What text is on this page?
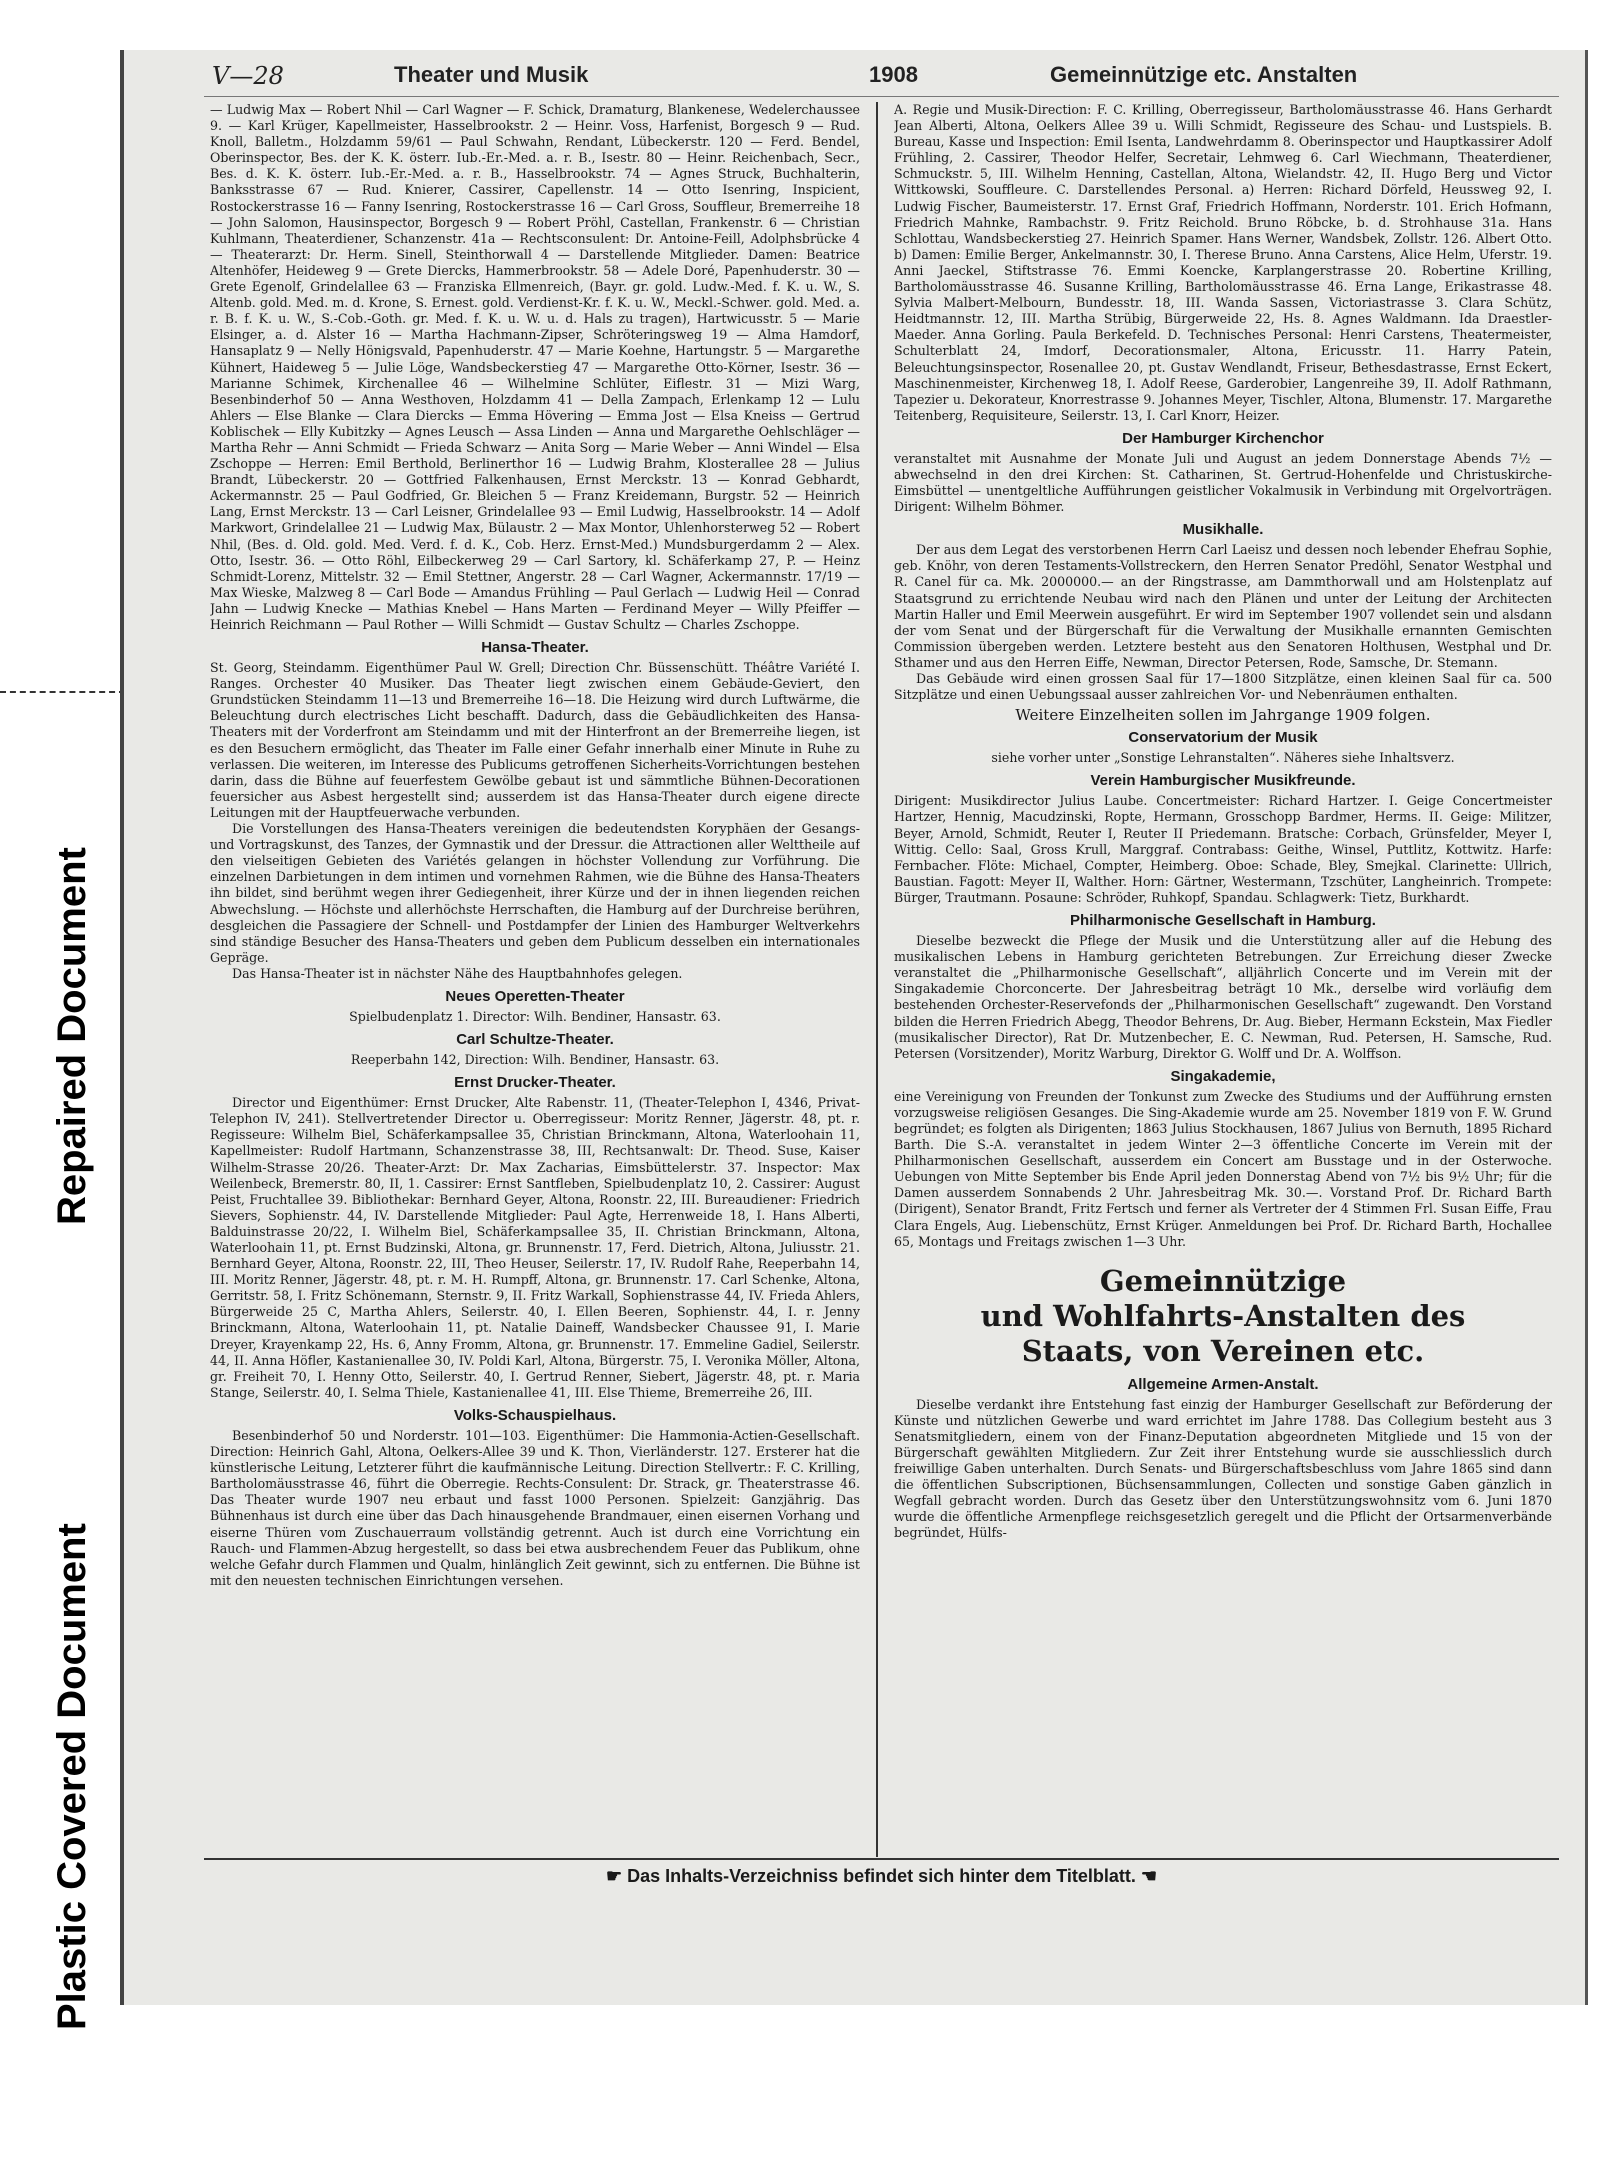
Repaired Document
Plastic Covered Document
V—28	Theater und Musik	1908	Gemeinnützige etc. Anstalten

— Ludwig Max — Robert Nhil — Carl Wagner — F. Schick, Dramaturg, Blankenese, Wedelerchaussee 9. — Karl Krüger, Kapellmeister, Hasselbrookstr. 2 — Heinr. Voss, Harfenist, Borgesch 9 — Rud. Knoll, Balletm., Holzdamm 59/61 — Paul Schwahn, Rendant, Lübeckerstr. 120 — Ferd. Bendel, Oberinspector, Bes. der K. K. österr. Iub.-Er.-Med. a. r. B., Isestr. 80 — Heinr. Reichenbach, Secr., Bes. d. K. K. österr. Iub.-Er.-Med. a. r. B., Hasselbrookstr. 74 — Agnes Struck, Buchhalterin, Banksstrasse 67 — Rud. Knierer, Cassirer, Capellenstr. 14 — Otto Isenring, Inspicient, Rostockerstrasse 16 — Fanny Isenring, Rostockerstrasse 16 — Carl Gross, Souffleur, Bremerreihe 18 — John Salomon, Hausinspector, Borgesch 9 — Robert Pröhl, Castellan, Frankenstr. 6 — Christian Kuhlmann, Theaterdiener, Schanzenstr. 41a — Rechtsconsulent: Dr. Antoine-Feill, Adolphsbrücke 4 — Theaterarzt: Dr. Herm. Sinell, Steinthorwall 4 — Darstellende Mitglieder. Damen: Beatrice Altenhöfer, Heideweg 9 — Grete Diercks, Hammerbrookstr. 58 — Adele Doré, Papenhuderstr. 30 — Grete Egenolf, Grindelallee 63 — Franziska Ellmenreich, (Bayr. gr. gold. Ludw.-Med. f. K. u. W., S. Altenb. gold. Med. m. d. Krone, S. Ernest. gold. Verdienst-Kr. f. K. u. W., Meckl.-Schwer. gold. Med. a. r. B. f. K. u. W., S.-Cob.-Goth. gr. Med. f. K. u. W. u. d. Hals zu tragen), Hartwicusstr. 5 — Marie Elsinger, a. d. Alster 16 — Martha Hachmann-Zipser, Schröteringsweg 19 — Alma Hamdorf, Hansaplatz 9 — Nelly Hönigsvald, Papenhuderstr. 47 — Marie Koehne, Hartungstr. 5 — Margarethe Kühnert, Haideweg 5 — Julie Löge, Wandsbeckerstieg 47 — Margarethe Otto-Körner, Isestr. 36 — Marianne Schimek, Kirchenallee 46 — Wilhelmine Schlüter, Eiflestr. 31 — Mizi Warg, Besenbinderhof 50 — Anna Westhoven, Holzdamm 41 — Della Zampach, Erlenkamp 12 — Lulu Ahlers — Else Blanke — Clara Diercks — Emma Hövering — Emma Jost — Elsa Kneiss — Gertrud Koblischek — Elly Kubitzky — Agnes Leusch — Assa Linden — Anna und Margarethe Oehlschläger — Martha Rehr — Anni Schmidt — Frieda Schwarz — Anita Sorg — Marie Weber — Anni Windel — Elsa Zschoppe — Herren: Emil Berthold, Berlinerthor 16 — Ludwig Brahm, Klosterallee 28 — Julius Brandt, Lübeckerstr. 20 — Gottfried Falkenhausen, Ernst Merckstr. 13 — Konrad Gebhardt, Ackermannstr. 25 — Paul Godfried, Gr. Bleichen 5 — Franz Kreidemann, Burgstr. 52 — Heinrich Lang, Ernst Merckstr. 13 — Carl Leisner, Grindelallee 93 — Emil Ludwig, Hasselbrookstr. 14 — Adolf Markwort, Grindelallee 21 — Ludwig Max, Bülaustr. 2 — Max Montor, Uhlenhorsterweg 52 — Robert Nhil, (Bes. d. Old. gold. Med. Verd. f. d. K., Cob. Herz. Ernst-Med.) Mundsburgerdamm 2 — Alex. Otto, Isestr. 36. — Otto Röhl, Eilbeckerweg 29 — Carl Sartory, kl. Schäferkamp 27, P. — Heinz Schmidt-Lorenz, Mittelstr. 32 — Emil Stettner, Angerstr. 28 — Carl Wagner, Ackermannstr. 17/19 — Max Wieske, Malzweg 8 — Carl Bode — Amandus Frühling — Paul Gerlach — Ludwig Heil — Conrad Jahn — Ludwig Knecke — Mathias Knebel — Hans Marten — Ferdinand Meyer — Willy Pfeiffer — Heinrich Reichmann — Paul Rother — Willi Schmidt — Gustav Schultz — Charles Zschoppe.

Hansa-Theater.

St. Georg, Steindamm. Eigenthümer Paul W. Grell; Direction Chr. Büssenschütt. Théâtre Variété I. Ranges. Orchester 40 Musiker. Das Theater liegt zwischen einem Gebäude-Geviert, den Grundstücken Steindamm 11—13 und Bremerreihe 16—18. Die Heizung wird durch Luftwärme, die Beleuchtung durch electrisches Licht beschafft. Dadurch, dass die Gebäudlichkeiten des Hansa-Theaters mit der Vorderfront am Steindamm und mit der Hinterfront an der Bremerreihe liegen, ist es den Besuchern ermöglicht, das Theater im Falle einer Gefahr innerhalb einer Minute in Ruhe zu verlassen. Die weiteren, im Interesse des Publicums getroffenen Sicherheits-Vorrichtungen bestehen darin, dass die Bühne auf feuerfestem Gewölbe gebaut ist und sämmtliche Bühnen-Decorationen feuersicher aus Asbest hergestellt sind; ausserdem ist das Hansa-Theater durch eigene directe Leitungen mit der Hauptfeuerwache verbunden.

Die Vorstellungen des Hansa-Theaters vereinigen die bedeutendsten Koryphäen der Gesangs- und Vortragskunst, des Tanzes, der Gymnastik und der Dressur. die Attractionen aller Welttheile auf den vielseitigen Gebieten des Variétés gelangen in höchster Vollendung zur Vorführung. Die einzelnen Darbietungen in dem intimen und vornehmen Rahmen, wie die Bühne des Hansa-Theaters ihn bildet, sind berühmt wegen ihrer Gediegenheit, ihrer Kürze und der in ihnen liegenden reichen Abwechslung. — Höchste und allerhöchste Herrschaften, die Hamburg auf der Durchreise berühren, desgleichen die Passagiere der Schnell- und Postdampfer der Linien des Hamburger Weltverkehrs sind ständige Besucher des Hansa-Theaters und geben dem Publicum desselben ein internationales Gepräge.

Das Hansa-Theater ist in nächster Nähe des Hauptbahnhofes gelegen.

Neues Operetten-Theater

Spielbudenplatz 1. Director: Wilh. Bendiner, Hansastr. 63.

Carl Schultze-Theater.

Reeperbahn 142, Direction: Wilh. Bendiner, Hansastr. 63.

Ernst Drucker-Theater.

Director und Eigenthümer: Ernst Drucker, Alte Rabenstr. 11, (Theater-Telephon I, 4346, Privat-Telephon IV, 241). Stellvertretender Director u. Oberregisseur: Moritz Renner, Jägerstr. 48, pt. r. Regisseure: Wilhelm Biel, Schäferkampsallee 35, Christian Brinckmann, Altona, Waterloohain 11, Kapellmeister: Rudolf Hartmann, Schanzenstrasse 38, III, Rechtsanwalt: Dr. Theod. Suse, Kaiser Wilhelm-Strasse 20/26. Theater-Arzt: Dr. Max Zacharias, Eimsbüttelerstr. 37. Inspector: Max Weilenbeck, Bremerstr. 80, II, 1. Cassirer: Ernst Santfleben, Spielbudenplatz 10, 2. Cassirer: August Peist, Fruchtallee 39. Bibliothekar: Bernhard Geyer, Altona, Roonstr. 22, III. Bureaudiener: Friedrich Sievers, Sophienstr. 44, IV. Darstellende Mitglieder: Paul Agte, Herrenweide 18, I. Hans Alberti, Balduinstrasse 20/22, I. Wilhelm Biel, Schäferkampsallee 35, II. Christian Brinckmann, Altona, Waterloohain 11, pt. Ernst Budzinski, Altona, gr. Brunnenstr. 17, Ferd. Dietrich, Altona, Juliusstr. 21. Bernhard Geyer, Altona, Roonstr. 22, III, Theo Heuser, Seilerstr. 17, IV. Rudolf Rahe, Reeperbahn 14, III. Moritz Renner, Jägerstr. 48, pt. r. M. H. Rumpff, Altona, gr. Brunnenstr. 17. Carl Schenke, Altona, Gerritstr. 58, I. Fritz Schönemann, Sternstr. 9, II. Fritz Warkall, Sophienstrasse 44, IV. Frieda Ahlers, Bürgerweide 25 C, Martha Ahlers, Seilerstr. 40, I. Ellen Beeren, Sophienstr. 44, I. r. Jenny Brinckmann, Altona, Waterloohain 11, pt. Natalie Daineff, Wandsbecker Chaussee 91, I. Marie Dreyer, Krayenkamp 22, Hs. 6, Anny Fromm, Altona, gr. Brunnenstr. 17. Emmeline Gadiel, Seilerstr. 44, II. Anna Höfler, Kastanienallee 30, IV. Poldi Karl, Altona, Bürgerstr. 75, I. Veronika Möller, Altona, gr. Freiheit 70, I. Henny Otto, Seilerstr. 40, I. Gertrud Renner, Siebert, Jägerstr. 48, pt. r. Maria Stange, Seilerstr. 40, I. Selma Thiele, Kastanienallee 41, III. Else Thieme, Bremerreihe 26, III.

Volks-Schauspielhaus.

Besenbinderhof 50 und Norderstr. 101—103. Eigenthümer: Die Hammonia-Actien-Gesellschaft. Direction: Heinrich Gahl, Altona, Oelkers-Allee 39 und K. Thon, Vierländerstr. 127. Ersterer hat die künstlerische Leitung, Letzterer führt die kaufmännische Leitung. Direction Stellvertr.: F. C. Krilling, Bartholomäusstrasse 46, führt die Oberregie. Rechts-Consulent: Dr. Strack, gr. Theaterstrasse 46. Das Theater wurde 1907 neu erbaut und fasst 1000 Personen. Spielzeit: Ganzjährig. Das Bühnenhaus ist durch eine über das Dach hinausgehende Brandmauer, einen eisernen Vorhang und eiserne Thüren vom Zuschauerraum vollständig getrennt. Auch ist durch eine Vorrichtung ein Rauch- und Flammen-Abzug hergestellt, so dass bei etwa ausbrechendem Feuer das Publikum, ohne welche Gefahr durch Flammen und Qualm, hinlänglich Zeit gewinnt, sich zu entfernen. Die Bühne ist mit den neuesten technischen Einrichtungen versehen.

A. Regie und Musik-Direction: F. C. Krilling, Oberregisseur, Bartholomäusstrasse 46. Hans Gerhardt Jean Alberti, Altona, Oelkers Allee 39 u. Willi Schmidt, Regisseure des Schau- und Lustspiels. B. Bureau, Kasse und Inspection: Emil Isenta, Landwehrdamm 8. Oberinspector und Hauptkassirer Adolf Frühling, 2. Cassirer, Theodor Helfer, Secretair, Lehmweg 6. Carl Wiechmann, Theaterdiener, Schmuckstr. 5, III. Wilhelm Henning, Castellan, Altona, Wielandstr. 42, II. Hugo Berg und Victor Wittkowski, Souffleure. C. Darstellendes Personal. a) Herren: Richard Dörfeld, Heussweg 92, I. Ludwig Fischer, Baumeisterstr. 17. Ernst Graf, Friedrich Hoffmann, Norderstr. 101. Erich Hofmann, Friedrich Mahnke, Rambachstr. 9. Fritz Reichold. Bruno Röbcke, b. d. Strohhause 31a. Hans Schlottau, Wandsbeckerstieg 27. Heinrich Spamer. Hans Werner, Wandsbek, Zollstr. 126. Albert Otto. b) Damen: Emilie Berger, Ankelmannstr. 30, I. Therese Bruno. Anna Carstens, Alice Helm, Uferstr. 19. Anni Jaeckel, Stiftstrasse 76. Emmi Koencke, Karplangerstrasse 20. Robertine Krilling, Bartholomäusstrasse 46. Susanne Krilling, Bartholomäusstrasse 46. Erna Lange, Erikastrasse 48. Sylvia Malbert-Melbourn, Bundesstr. 18, III. Wanda Sassen, Victoriastrasse 3. Clara Schütz, Heidtmannstr. 12, III. Martha Strübig, Bürgerweide 22, Hs. 8. Agnes Waldmann. Ida Draestler-Maeder. Anna Gorling. Paula Berkefeld. D. Technisches Personal: Henri Carstens, Theatermeister, Schulterblatt 24, Imdorf, Decorationsmaler, Altona, Ericusstr. 11. Harry Patein, Beleuchtungsinspector, Rosenallee 20, pt. Gustav Wendlandt, Friseur, Bethesdastrasse, Ernst Eckert, Maschinenmeister, Kirchenweg 18, I. Adolf Reese, Garderobier, Langenreihe 39, II. Adolf Rathmann, Tapezier u. Dekorateur, Knorrestrasse 9. Johannes Meyer, Tischler, Altona, Blumenstr. 17. Margarethe Teitenberg, Requisiteure, Seilerstr. 13, I. Carl Knorr, Heizer.

Der Hamburger Kirchenchor

veranstaltet mit Ausnahme der Monate Juli und August an jedem Donnerstage Abends 7½ — abwechselnd in den drei Kirchen: St. Catharinen, St. Gertrud-Hohenfelde und Christuskirche-Eimsbüttel — unentgeltliche Aufführungen geistlicher Vokalmusik in Verbindung mit Orgelvorträgen. Dirigent: Wilhelm Böhmer.

Musikhalle.

Der aus dem Legat des verstorbenen Herrn Carl Laeisz und dessen noch lebender Ehefrau Sophie, geb. Knöhr, von deren Testaments-Vollstreckern, den Herren Senator Predöhl, Senator Westphal und R. Canel für ca. Mk. 2000000.— an der Ringstrasse, am Dammthorwall und am Holstenplatz auf Staatsgrund zu errichtende Neubau wird nach den Plänen und unter der Leitung der Architecten Martin Haller und Emil Meerwein ausgeführt. Er wird im September 1907 vollendet sein und alsdann der vom Senat und der Bürgerschaft für die Verwaltung der Musikhalle ernannten Gemischten Commission übergeben werden. Letztere besteht aus den Senatoren Holthusen, Westphal und Dr. Sthamer und aus den Herren Eiffe, Newman, Director Petersen, Rode, Samsche, Dr. Stemann.

Das Gebäude wird einen grossen Saal für 17—1800 Sitzplätze, einen kleinen Saal für ca. 500 Sitzplätze und einen Uebungssaal ausser zahlreichen Vor- und Nebenräumen enthalten.

Weitere Einzelheiten sollen im Jahrgange 1909 folgen.

Conservatorium der Musik

siehe vorher unter „Sonstige Lehranstalten“. Näheres siehe Inhaltsverz.

Verein Hamburgischer Musikfreunde.

Dirigent: Musikdirector Julius Laube. Concertmeister: Richard Hartzer. I. Geige Concertmeister Hartzer, Hennig, Macudzinski, Ropte, Hermann, Grosschopp Bardmer, Herms. II. Geige: Militzer, Beyer, Arnold, Schmidt, Reuter I, Reuter II Priedemann. Bratsche: Corbach, Grünsfelder, Meyer I, Wittig. Cello: Saal, Gross Krull, Marggraf. Contrabass: Geithe, Winsel, Puttlitz, Kottwitz. Harfe: Fernbacher. Flöte: Michael, Compter, Heimberg. Oboe: Schade, Bley, Smejkal. Clarinette: Ullrich, Baustian. Fagott: Meyer II, Walther. Horn: Gärtner, Westermann, Tzschüter, Langheinrich. Trompete: Bürger, Trautmann. Posaune: Schröder, Ruhkopf, Spandau. Schlagwerk: Tietz, Burkhardt.

Philharmonische Gesellschaft in Hamburg.

Dieselbe bezweckt die Pflege der Musik und die Unterstützung aller auf die Hebung des musikalischen Lebens in Hamburg gerichteten Betrebungen. Zur Erreichung dieser Zwecke veranstaltet die „Philharmonische Gesellschaft“, alljährlich Concerte und im Verein mit der Singakademie Chorconcerte. Der Jahresbeitrag beträgt 10 Mk., derselbe wird vorläufig dem bestehenden Orchester-Reservefonds der „Philharmonischen Gesellschaft“ zugewandt. Den Vorstand bilden die Herren Friedrich Abegg, Theodor Behrens, Dr. Aug. Bieber, Hermann Eckstein, Max Fiedler (musikalischer Director), Rat Dr. Mutzenbecher, E. C. Newman, Rud. Petersen, H. Samsche, Rud. Petersen (Vorsitzender), Moritz Warburg, Direktor G. Wolff und Dr. A. Wolffson.

Singakademie,

eine Vereinigung von Freunden der Tonkunst zum Zwecke des Studiums und der Aufführung ernsten vorzugsweise religiösen Gesanges. Die Sing-Akademie wurde am 25. November 1819 von F. W. Grund begründet; es folgten als Dirigenten; 1863 Julius Stockhausen, 1867 Julius von Bernuth, 1895 Richard Barth. Die S.-A. veranstaltet in jedem Winter 2—3 öffentliche Concerte im Verein mit der Philharmonischen Gesellschaft, ausserdem ein Concert am Busstage und in der Osterwoche. Uebungen von Mitte September bis Ende April jeden Donnerstag Abend von 7½ bis 9½ Uhr; für die Damen ausserdem Sonnabends 2 Uhr. Jahresbeitrag Mk. 30.—. Vorstand Prof. Dr. Richard Barth (Dirigent), Senator Brandt, Fritz Fertsch und ferner als Vertreter der 4 Stimmen Frl. Susan Eiffe, Frau Clara Engels, Aug. Liebenschütz, Ernst Krüger. Anmeldungen bei Prof. Dr. Richard Barth, Hochallee 65, Montags und Freitags zwischen 1—3 Uhr.

Gemeinnützige
und Wohlfahrts-Anstalten des
Staats, von Vereinen etc.
Allgemeine Armen-Anstalt.

Dieselbe verdankt ihre Entstehung fast einzig der Hamburger Gesellschaft zur Beförderung der Künste und nützlichen Gewerbe und ward errichtet im Jahre 1788. Das Collegium besteht aus 3 Senatsmitgliedern, einem von der Finanz-Deputation abgeordneten Mitgliede und 15 von der Bürgerschaft gewählten Mitgliedern. Zur Zeit ihrer Entstehung wurde sie ausschliesslich durch freiwillige Gaben unterhalten. Durch Senats- und Bürgerschaftsbeschluss vom Jahre 1865 sind dann die öffentlichen Subscriptionen, Büchsensammlungen, Collecten und sonstige Gaben gänzlich in Wegfall gebracht worden. Durch das Gesetz über den Unterstützungswohnsitz vom 6. Juni 1870 wurde die öffentliche Armenpflege reichsgesetzlich geregelt und die Pflicht der Ortsarmenverbände begründet, Hülfs-

☛ Das Inhalts-Verzeichniss befindet sich hinter dem Titelblatt. ☚
